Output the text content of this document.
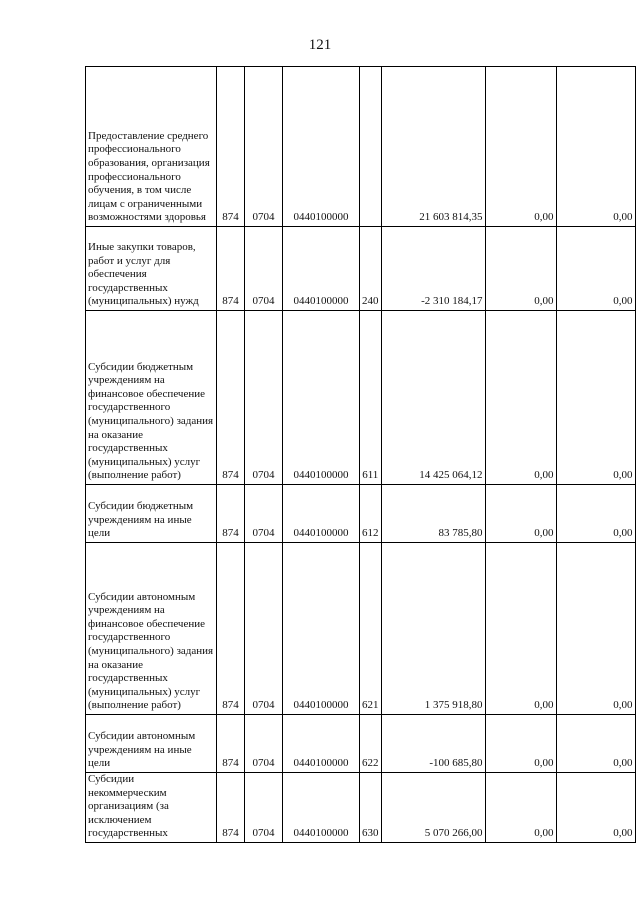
121
Предоставление среднего профессионального образования, организация профессионального обучения, в том числе лицам с ограниченными возможностями здоровья	874	0704	0440100000		21 603 814,35	0,00	0,00
Иные закупки товаров, работ и услуг для обеспечения государственных (муниципальных) нужд	874	0704	0440100000	240	-2 310 184,17	0,00	0,00
Субсидии бюджетным учреждениям на финансовое обеспечение государственного (муниципального) задания на оказание государственных (муниципальных) услуг (выполнение работ)	874	0704	0440100000	611	14 425 064,12	0,00	0,00
Субсидии бюджетным учреждениям на иные цели	874	0704	0440100000	612	83 785,80	0,00	0,00
Субсидии автономным учреждениям на финансовое обеспечение государственного (муниципального) задания на оказание государственных (муниципальных) услуг (выполнение работ)	874	0704	0440100000	621	1 375 918,80	0,00	0,00
Субсидии автономным учреждениям на иные цели	874	0704	0440100000	622	-100 685,80	0,00	0,00
Субсидии некоммерческим организациям (за исключением государственных	874	0704	0440100000	630	5 070 266,00	0,00	0,00
